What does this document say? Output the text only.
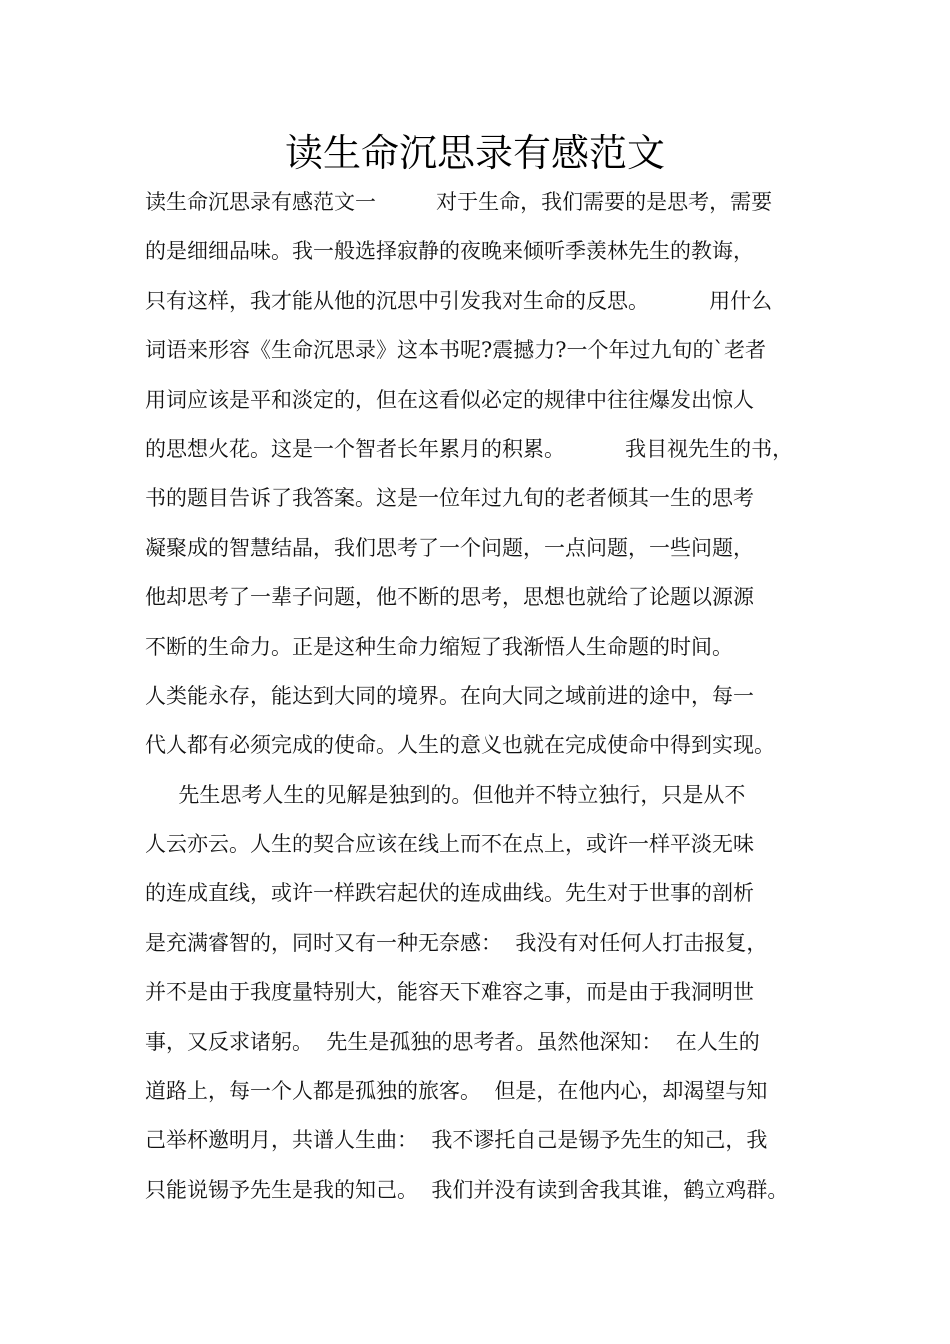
读生命沉思录有感范文
读生命沉思录有感范文一         对于生命，我们需要的是思考，需要
的是细细品味。我一般选择寂静的夜晚来倾听季羡林先生的教诲，
只有这样，我才能从他的沉思中引发我对生命的反思。         用什么
词语来形容《生命沉思录》这本书呢?震撼力?一个年过九旬的`老者
用词应该是平和淡定的，但在这看似必定的规律中往往爆发出惊人
的思想火花。这是一个智者长年累月的积累。         我目视先生的书，
书的题目告诉了我答案。这是一位年过九旬的老者倾其一生的思考
凝聚成的智慧结晶，我们思考了一个问题，一点问题，一些问题，
他却思考了一辈子问题，他不断的思考，思想也就给了论题以源源
不断的生命力。正是这种生命力缩短了我渐悟人生命题的时间。
人类能永存，能达到大同的境界。在向大同之域前进的途中，每一
代人都有必须完成的使命。人生的意义也就在完成使命中得到实现。
先生思考人生的见解是独到的。但他并不特立独行，只是从不
人云亦云。人生的契合应该在线上而不在点上，或许一样平淡无味
的连成直线，或许一样跌宕起伏的连成曲线。先生对于世事的剖析
是充满睿智的，同时又有一种无奈感：  我没有对任何人打击报复，
并不是由于我度量特别大，能容天下难容之事，而是由于我洞明世
事，又反求诸躬。  先生是孤独的思考者。虽然他深知：  在人生的
道路上，每一个人都是孤独的旅客。  但是，在他内心，却渴望与知
己举杯邀明月，共谱人生曲：  我不谬托自己是锡予先生的知己，我
只能说锡予先生是我的知己。  我们并没有读到舍我其谁，鹤立鸡群。
